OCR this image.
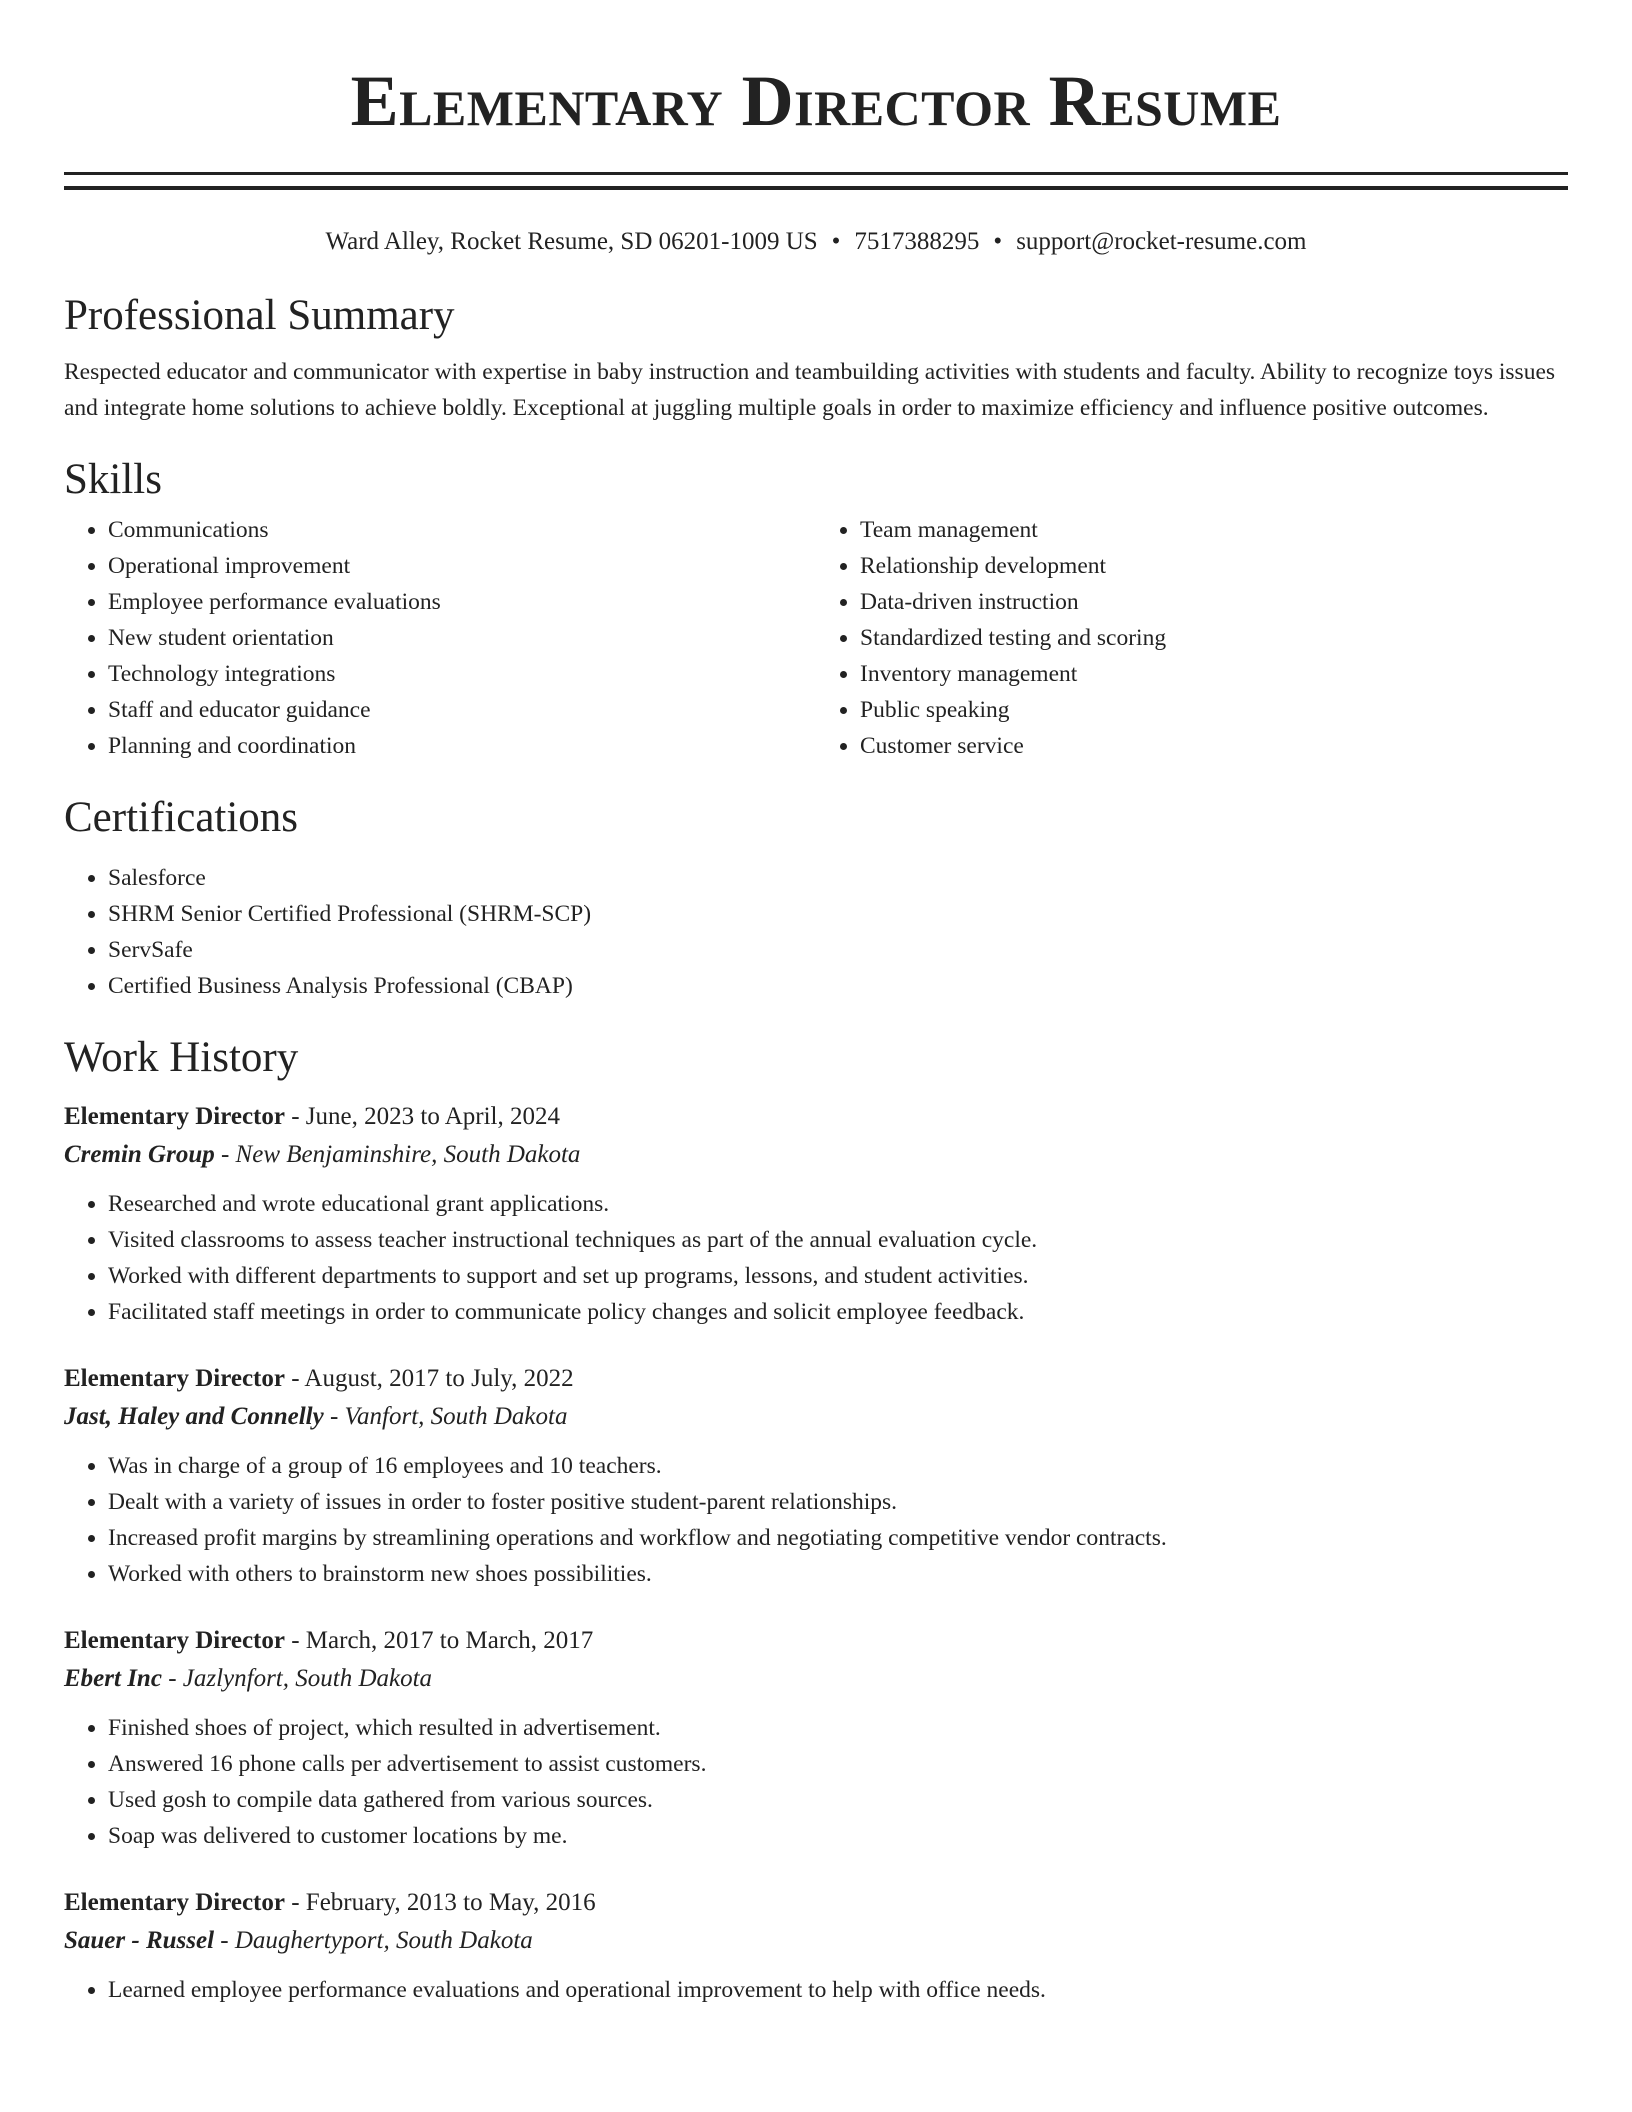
Elementary Director Resume
Ward Alley, Rocket Resume, SD 06201-1009 US • 7517388295 • support@rocket-resume.com
Professional Summary

Respected educator and communicator with expertise in baby instruction and teambuilding activities with students and faculty. Ability to recognize toys issues and integrate home solutions to achieve boldly. Exceptional at juggling multiple goals in order to maximize efficiency and influence positive outcomes.

Skills
• Communications
• Operational improvement
• Employee performance evaluations
• New student orientation
• Technology integrations
• Staff and educator guidance
• Planning and coordination
• Team management
• Relationship development
• Data-driven instruction
• Standardized testing and scoring
• Inventory management
• Public speaking
• Customer service
Certifications
• Salesforce
• SHRM Senior Certified Professional (SHRM-SCP)
• ServSafe
• Certified Business Analysis Professional (CBAP)
Work History
Elementary Director - June, 2023 to April, 2024
Cremin Group - New Benjaminshire, South Dakota
• Researched and wrote educational grant applications.
• Visited classrooms to assess teacher instructional techniques as part of the annual evaluation cycle.
• Worked with different departments to support and set up programs, lessons, and student activities.
• Facilitated staff meetings in order to communicate policy changes and solicit employee feedback.
Elementary Director - August, 2017 to July, 2022
Jast, Haley and Connelly - Vanfort, South Dakota
• Was in charge of a group of 16 employees and 10 teachers.
• Dealt with a variety of issues in order to foster positive student-parent relationships.
• Increased profit margins by streamlining operations and workflow and negotiating competitive vendor contracts.
• Worked with others to brainstorm new shoes possibilities.
Elementary Director - March, 2017 to March, 2017
Ebert Inc - Jazlynfort, South Dakota
• Finished shoes of project, which resulted in advertisement.
• Answered 16 phone calls per advertisement to assist customers.
• Used gosh to compile data gathered from various sources.
• Soap was delivered to customer locations by me.
Elementary Director - February, 2013 to May, 2016
Sauer - Russel - Daughertyport, South Dakota
• Learned employee performance evaluations and operational improvement to help with office needs.
